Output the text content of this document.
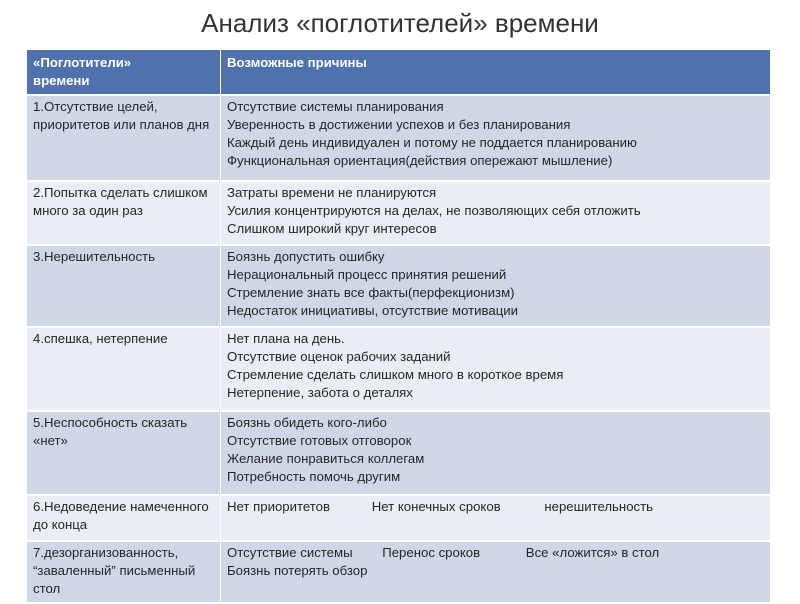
Анализ «поглотителей» времени
«Поглотители»
времени	Возможные причины
1.Отсутствие целей, приоритетов или планов дня	Отсутствие системы планирования
Уверенность в достижении успехов и без планирования
Каждый день индивидуален и потому не поддается планированию
Функциональная ориентация(действия опережают мышление)

2.Попытка сделать слишком много за один раз	Затраты времени не планируются
Усилия концентрируются на делах, не позволяющих себя отложить
Слишком широкий круг интересов

3.Нерешительность	Боязнь допустить ошибку
Нерациональный процесс принятия решений
Стремление знать все факты(перфекционизм)
Недостаток инициативы, отсутствие мотивации

4.спешка, нетерпение	Нет плана на день.
Отсутствие оценок рабочих заданий
Стремление сделать слишком много в короткое время
Нетерпение, забота о деталях

5.Неспособность сказать «нет»	Боязнь обидеть кого-либо
Отсутствие готовых отговорок
Желание понравиться коллегам
Потребность помочь другим

6.Недоведение намеченного до конца	Нет приоритетов Нет конечных сроков нерешительность
7.дезорганизованность, “заваленный” письменный стол	Отсутствие системы Перенос сроков Все «ложится» в стол
Боязнь потерять обзор
